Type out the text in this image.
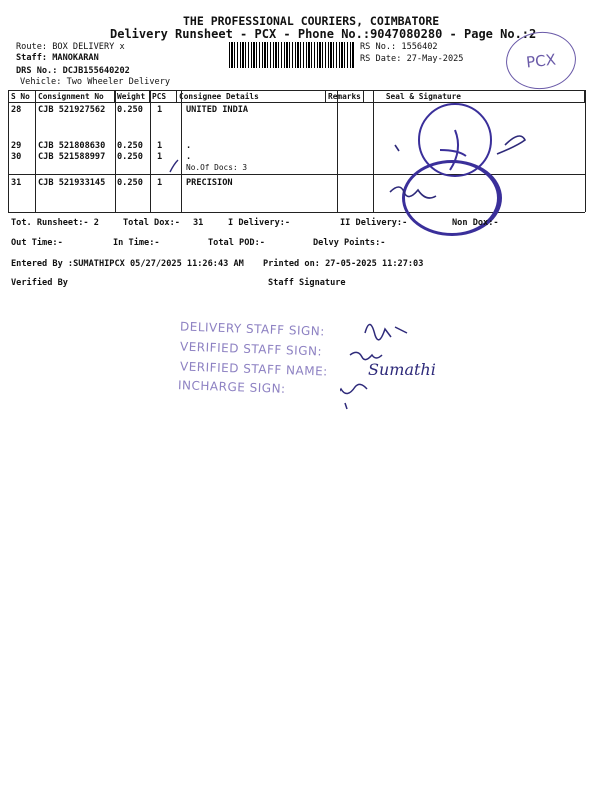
THE PROFESSIONAL COURIERS, COIMBATORE
Delivery Runsheet - PCX - Phone No.:9047080280 - Page No.:2
Route: BOX DELIVERY x
Staff: MANOKARAN
DRS No.: DCJB155640202
Vehicle: Two Wheeler Delivery
RS No.: 1556402
RS Date: 27-May-2025	PCX
S No	Consignment No	Weight	PCS	Consignee Details	Remarks	Seal & Signature
28 CJB 521927562 0.250 1	UNITED INDIA
29 CJB 521808630 0.250 1	.
30 CJB 521588997 0.250 1	.
No.Of Docs: 3
31 CJB 521933145 0.250 1	PRECISION
Tot. Runsheet:- 2	Total Dox:- 31	I Delivery:-	II Delivery:-	Non Dox:-
Out Time:-	In Time:-	Total POD:-	Delvy Points:-
Entered By :SUMATHIPCX 05/27/2025 11:26:43 AM Printed on: 27-05-2025 11:27:03
Verified By	Staff Signature
DELIVERY STAFF SIGN:
VERIFIED STAFF SIGN:
VERIFIED STAFF NAME:
INCHARGE SIGN:
Sumathi
